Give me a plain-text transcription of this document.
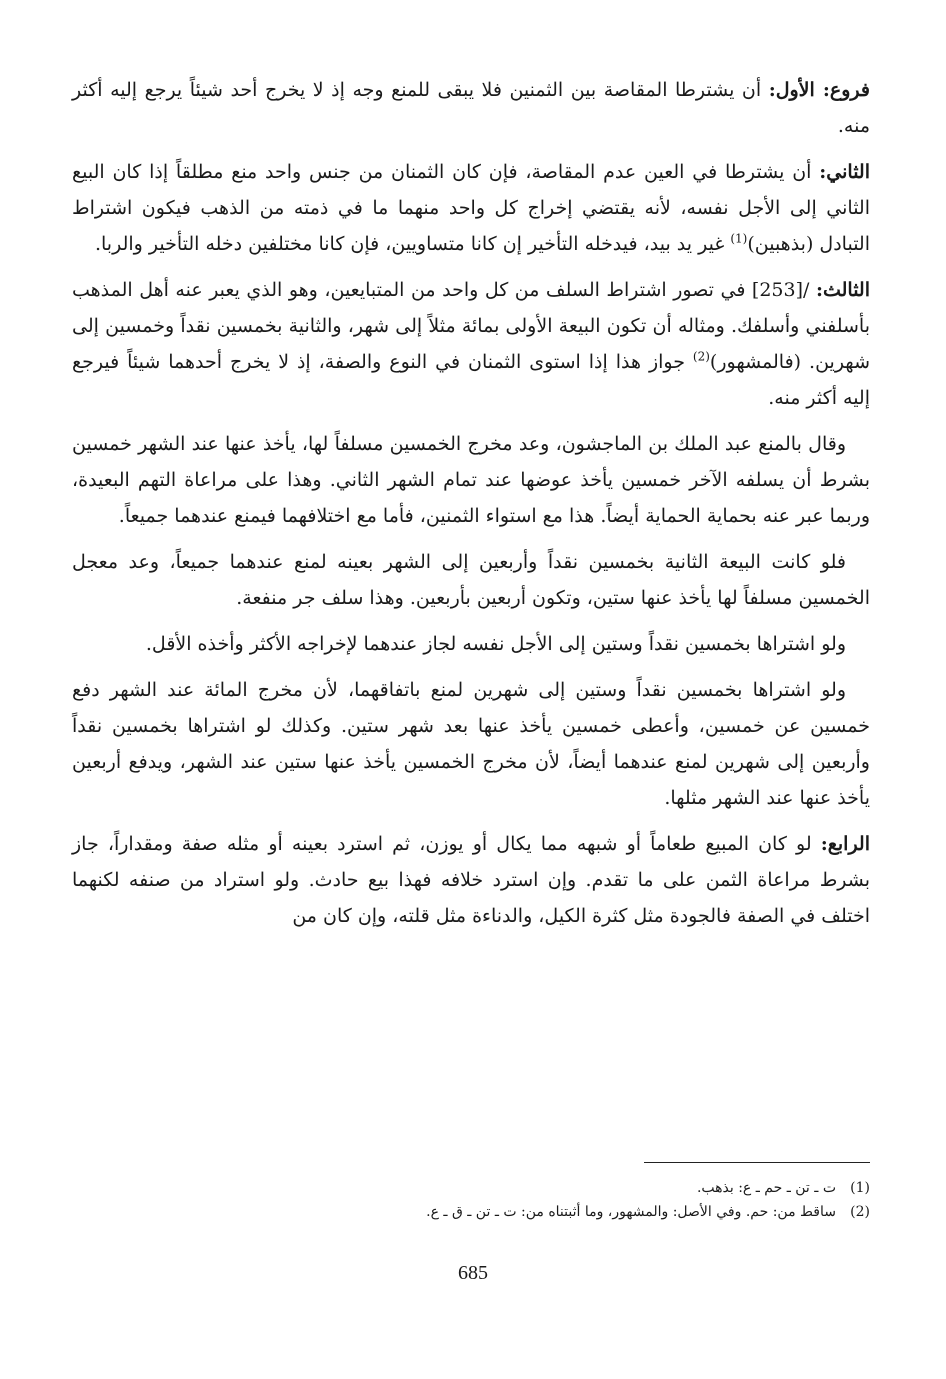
فروع: الأول: أن يشترطا المقاصة بين الثمنين فلا يبقى للمنع وجه إذ لا يخرج أحد شيئاً يرجع إليه أكثر منه.

الثاني: أن يشترطا في العين عدم المقاصة، فإن كان الثمنان من جنس واحد منع مطلقاً إذا كان البيع الثاني إلى الأجل نفسه، لأنه يقتضي إخراج كل واحد منهما ما في ذمته من الذهب فيكون اشتراط التبادل (بذهبين)$^{(1)}$ غير يد بيد، فيدخله التأخير إن كانا متساويين، فإن كانا مختلفين دخله التأخير والربا.

الثالث: /[253] في تصور اشتراط السلف من كل واحد من المتبايعين، وهو الذي يعبر عنه أهل المذهب بأسلفني وأسلفك. ومثاله أن تكون البيعة الأولى بمائة مثلاً إلى شهر، والثانية بخمسين نقداً وخمسين إلى شهرين. (فالمشهور)$^{(2)}$ جواز هذا إذا استوى الثمنان في النوع والصفة، إذ لا يخرج أحدهما شيئاً فيرجع إليه أكثر منه.

وقال بالمنع عبد الملك بن الماجشون، وعد مخرج الخمسين مسلفاً لها، يأخذ عنها عند الشهر خمسين بشرط أن يسلفه الآخر خمسين يأخذ عوضها عند تمام الشهر الثاني. وهذا على مراعاة التهم البعيدة، وربما عبر عنه بحماية الحماية أيضاً. هذا مع استواء الثمنين، فأما مع اختلافهما فيمنع عندهما جميعاً.

فلو كانت البيعة الثانية بخمسين نقداً وأربعين إلى الشهر بعينه لمنع عندهما جميعاً، وعد معجل الخمسين مسلفاً لها يأخذ عنها ستين، وتكون أربعين بأربعين. وهذا سلف جر منفعة.

ولو اشتراها بخمسين نقداً وستين إلى الأجل نفسه لجاز عندهما لإخراجه الأكثر وأخذه الأقل.

ولو اشتراها بخمسين نقداً وستين إلى شهرين لمنع باتفاقهما، لأن مخرج المائة عند الشهر دفع خمسين عن خمسين، وأعطى خمسين يأخذ عنها بعد شهر ستين. وكذلك لو اشتراها بخمسين نقداً وأربعين إلى شهرين لمنع عندهما أيضاً، لأن مخرج الخمسين يأخذ عنها ستين عند الشهر، ويدفع أربعين يأخذ عنها عند الشهر مثلها.

الرابع: لو كان المبيع طعاماً أو شبهه مما يكال أو يوزن، ثم استرد بعينه أو مثله صفة ومقداراً، جاز بشرط مراعاة الثمن على ما تقدم. وإن استرد خلافه فهذا بيع حادث. ولو استراد من صنفه لكنهما اختلف في الصفة فالجودة مثل كثرة الكيل، والدناءة مثل قلته، وإن كان من

(1)ت ـ تن ـ حم ـ ع: بذهب.
(2)ساقط من: حم. وفي الأصل: والمشهور، وما أثبتناه من: ت ـ تن ـ ق ـ ع.
685
